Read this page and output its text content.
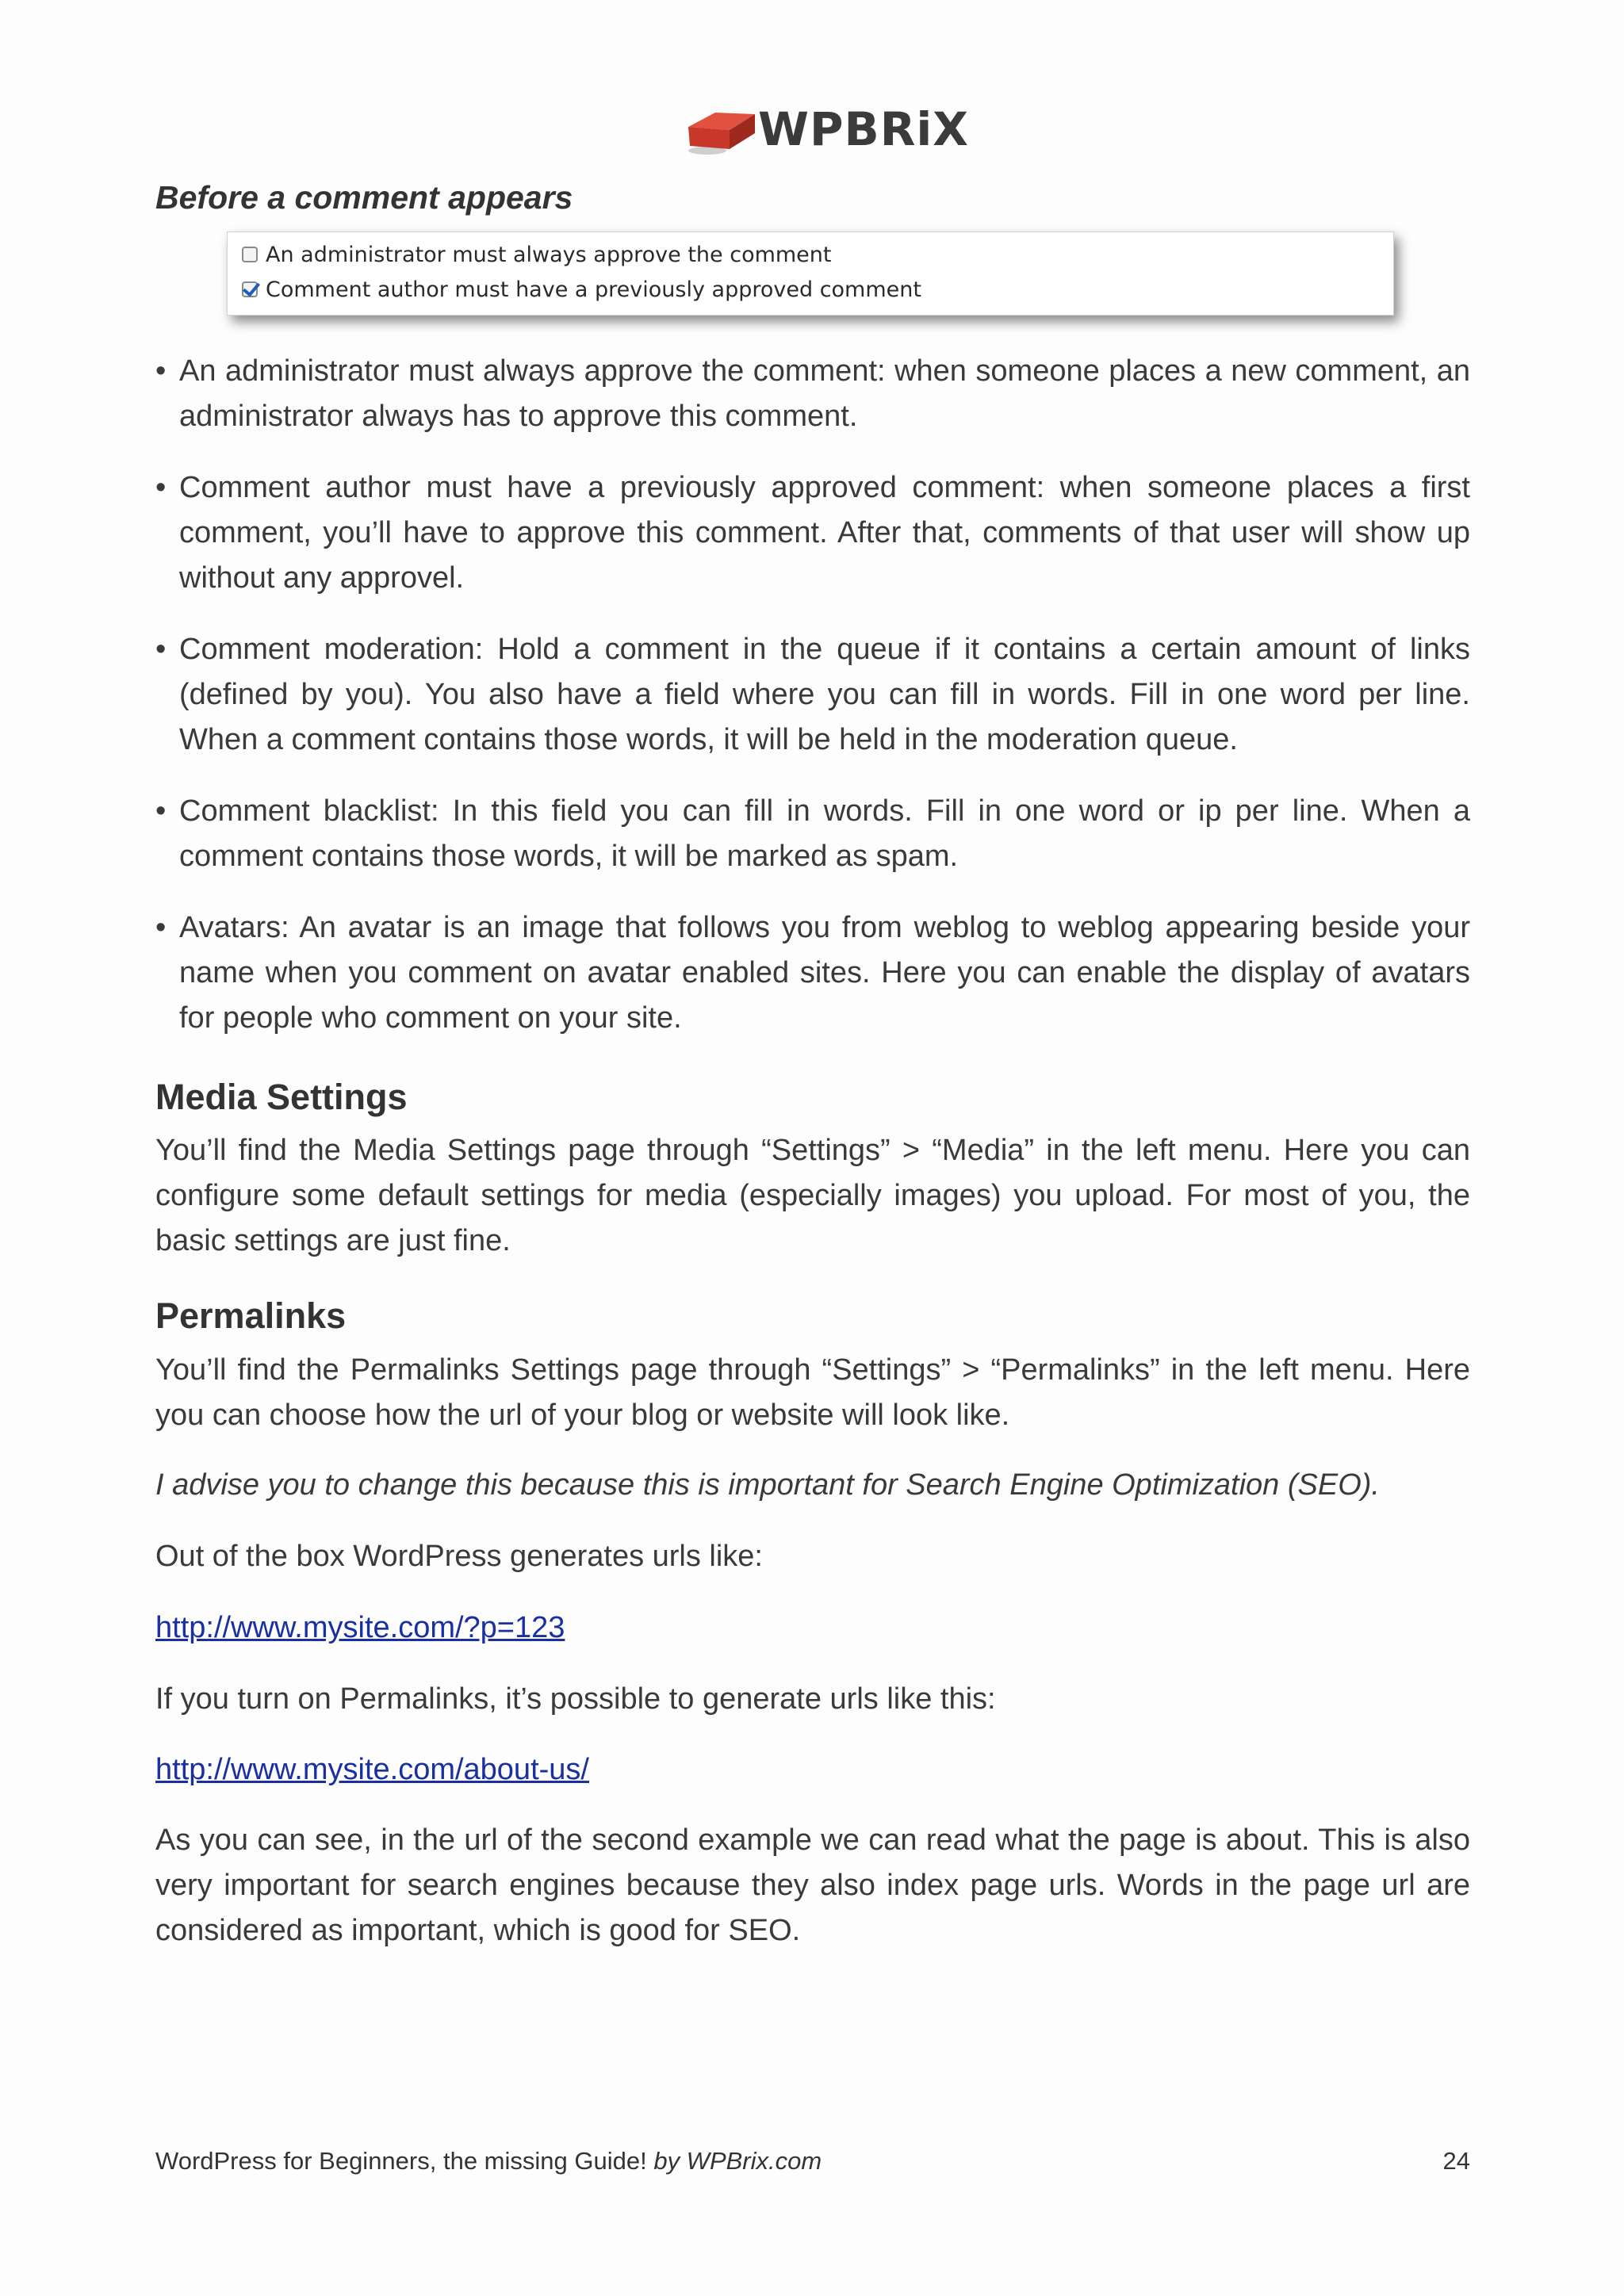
WPBRiX
Before a comment appears
An administrator must always approve the comment
Comment author must have a previously approved comment
• An administrator must always approve the comment: when someone places a new comment, an administrator always has to approve this comment.
• Comment author must have a previously approved comment: when someone places a first comment, you’ll have to approve this comment. After that, comments of that user will show up without any approvel.
• Comment moderation: Hold a comment in the queue if it contains a certain amount of links (defined by you). You also have a field where you can fill in words. Fill in one word per line. When a comment contains those words, it will be held in the moderation queue.
• Comment blacklist: In this field you can fill in words. Fill in one word or ip per line. When a comment contains those words, it will be marked as spam.
• Avatars: An avatar is an image that follows you from weblog to weblog appearing beside your name when you comment on avatar enabled sites. Here you can enable the display of avatars for people who comment on your site.
Media Settings

You’ll find the Media Settings page through “Settings” > “Media” in the left menu. Here you can configure some default settings for media (especially images) you upload. For most of you, the basic settings are just fine.

Permalinks

You’ll find the Permalinks Settings page through “Settings” > “Permalinks” in the left menu. Here you can choose how the url of your blog or website will look like.

I advise you to change this because this is important for Search Engine Optimization (SEO).

Out of the box WordPress generates urls like:

http://www.mysite.com/?p=123

If you turn on Permalinks, it’s possible to generate urls like this:

http://www.mysite.com/about-us/

As you can see, in the url of the second example we can read what the page is about. This is also very important for search engines because they also index page urls. Words in the page url are considered as important, which is good for SEO.

WordPress for Beginners, the missing Guide! by WPBrix.com	24
